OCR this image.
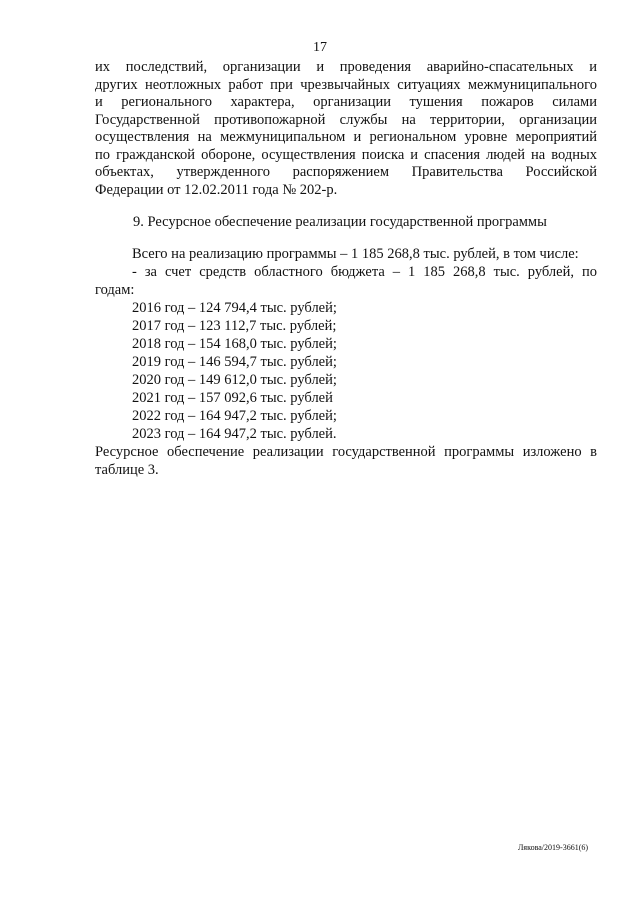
17
их последствий, организации и проведения аварийно-спасательных и
других неотложных работ при чрезвычайных ситуациях межмуниципального
и регионального характера, организации тушения пожаров силами
Государственной противопожарной службы на территории, организации
осуществления на межмуниципальном и региональном уровне мероприятий
по гражданской обороне, осуществления поиска и спасения людей на водных
объектах, утвержденного распоряжением Правительства Российской
Федерации от 12.02.2011 года № 202-р.
9. Ресурсное обеспечение реализации государственной программы
Всего на реализацию программы – 1 185 268,8 тыс. рублей, в том числе:
- за счет средств областного бюджета – 1 185 268,8 тыс. рублей, по
годам:
2016 год – 124 794,4 тыс. рублей;
2017 год – 123 112,7 тыс. рублей;
2018 год – 154 168,0 тыс. рублей;
2019 год – 146 594,7 тыс. рублей;
2020 год – 149 612,0 тыс. рублей;
2021 год – 157 092,6 тыс. рублей
2022 год – 164 947,2 тыс. рублей;
2023 год – 164 947,2 тыс. рублей.
Ресурсное обеспечение реализации государственной программы изложено в
таблице 3.
Лякова/2019-3661(6)
